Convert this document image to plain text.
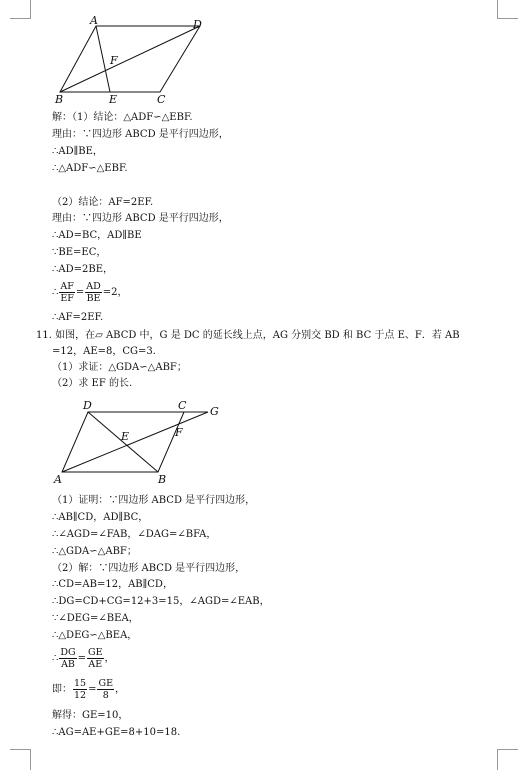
A	D
F
B	E	C
解：（1）结论：△ADF∽△EBF.
理由：∵四边形 ABCD 是平行四边形，
∴AD∥BE，
∴△ADF∽△EBF.
（2）结论：AF=2EF.
理由：∵四边形 ABCD 是平行四边形，
∴AD=BC，AD∥BE
∵BE=EC，
∴AD=2BE，
∴ $\frac{AF}{EF} = \frac{AD}{BE} =2$，
∴AF=2EF.
11. 如图，在▱ ABCD 中，G 是 DC 的延长线上点，AG 分别交 BD 和 BC 于点 E、F．若 AB
=12，AE=8，CG=3．
（1）求证：△GDA∽△ABF；
（2）求 EF 的长.
D	C G
E	F
A	B
（1）证明：∵四边形 ABCD 是平行四边形，
∴AB∥CD，AD∥BC，
∴∠AGD=∠FAB，∠DAG=∠BFA，
∴△GDA∽△ABF；
（2）解：∵四边形 ABCD 是平行四边形，
∴CD=AB=12，AB∥CD，
∴DG=CD+CG=12+3=15，∠AGD=∠EAB，
∵∠DEG=∠BEA，
∴△DEG∽△BEA，
∴ $\frac{DG}{AB} = \frac{GE}{AE}$ ，
即： $\frac{15}{12} = \frac{GE}{8}$ ，
解得：GE=10，
∴AG=AE+GE=8+10=18.
